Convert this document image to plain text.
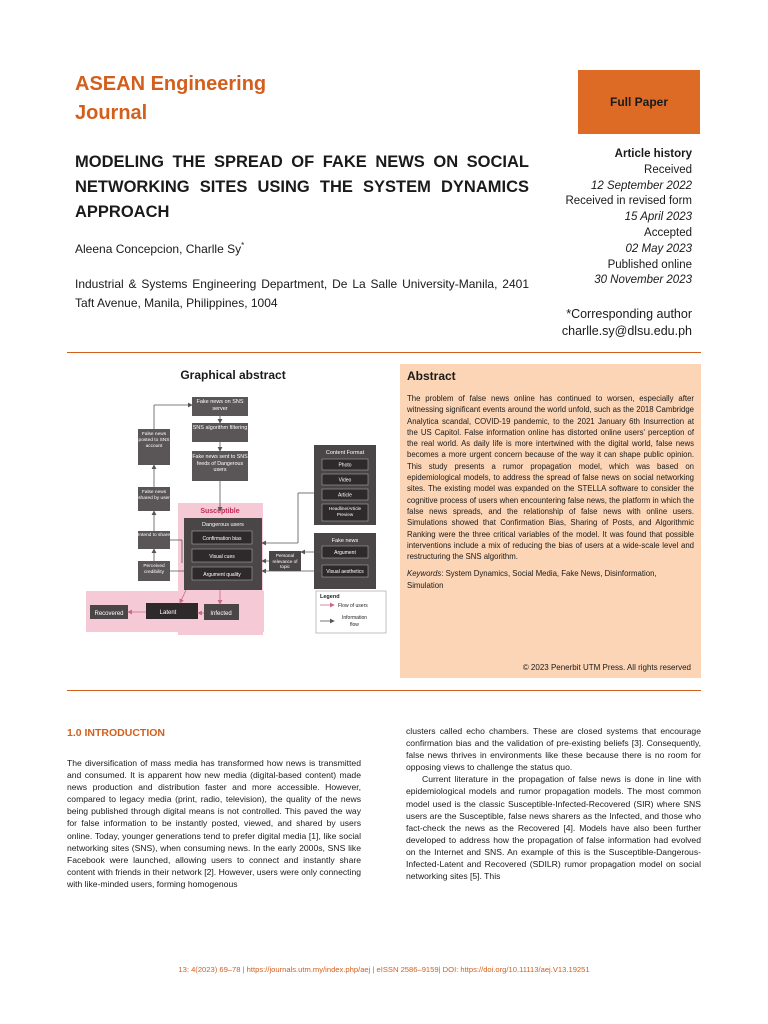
ASEAN Engineering
Journal	Full Paper
MODELING THE SPREAD OF FAKE NEWS ON SOCIAL NETWORKING SITES USING THE SYSTEM DYNAMICS APPROACH
Aleena Concepcion, Charlle Sy*
Industrial & Systems Engineering Department, De La Salle University-Manila, 2401 Taft Avenue, Manila, Philippines, 1004
Article history
Received
12 September 2022
Received in revised form
15 April 2023
Accepted
02 May 2023
Published online
30 November 2023
*Corresponding author
charlle.sy@dlsu.edu.ph
Graphical abstract
Susceptible
Fake news on SNS server
SNS algorithm filtering
Fake news sent to SNS feeds of Dangerous users
False news posted to SNS account
False news shared by user
Intend to share
Perceived credibility
Dangerous users
Confirmation bias
Visual cues
Argument quality
Personal relevance of topic
Recovered	Latent	Infected
Content Format
Photo
Video
Article
Headline/Article Preview
Fake news
Argument
Visual aesthetics
Legend
Flow of users
Information
flow
Abstract
The problem of false news online has continued to worsen, especially after witnessing significant events around the world unfold, such as the 2018 Cambridge Analytica scandal, COVID-19 pandemic, to the 2021 January 6th Insurrection at the US Capitol. False information online has distorted online users' perception of the real world. As daily life is more intertwined with the digital world, false news becomes a more urgent concern because of the way it can shape public opinion. This study presents a rumor propagation model, which was based on epidemiological models, to address the spread of false news on social networking sites. The existing model was expanded on the STELLA software to consider the cognitive process of users when encountering false news, the platform in which the false news spreads, and the relationship of false news with online users. Simulations showed that Confirmation Bias, Sharing of Posts, and Algorithmic Ranking were the three critical variables of the model. It was found that possible interventions include a mix of reducing the bias of users at a wide-scale level and restructuring the SNS algorithm.
Keywords: System Dynamics, Social Media, Fake News, Disinformation, Simulation
© 2023 Penerbit UTM Press. All rights reserved
1.0 INTRODUCTION

The diversification of mass media has transformed how news is transmitted and consumed. It is apparent how new media (digital-based content) made news production and distribution faster and more accessible. However, compared to legacy media (print, radio, television), the quality of the news being published through digital means is not controlled. This paved the way for false information to be instantly posted, viewed, and shared by users online. Today, younger generations tend to prefer digital media [1], like social networking sites (SNS), when consuming news. In the early 2000s, SNS like Facebook were launched, allowing users to connect and instantly share content with friends in their network [2]. However, users were only connecting with like-minded users, forming homogenous

clusters called echo chambers. These are closed systems that encourage confirmation bias and the validation of pre-existing beliefs [3]. Consequently, false news thrives in environments like these because there is no room for opposing views to challenge the status quo.

Current literature in the propagation of false news is done in line with epidemiological models and rumor propagation models. The most common model used is the classic Susceptible-Infected-Recovered (SIR) where SNS users are the Susceptible, false news sharers as the Infected, and those who fact-check the news as the Recovered [4]. Models have also been further developed to address how the propagation of false information had evolved on the Internet and SNS. An example of this is the Susceptible-Dangerous-Infected-Latent and Recovered (SDILR) rumor propagation model on social networking sites [5]. This

13: 4(2023) 69–78 | https://journals.utm.my/index.php/aej | eISSN 2586–9159| DOI: https://doi.org/10.11113/aej.V13.19251
